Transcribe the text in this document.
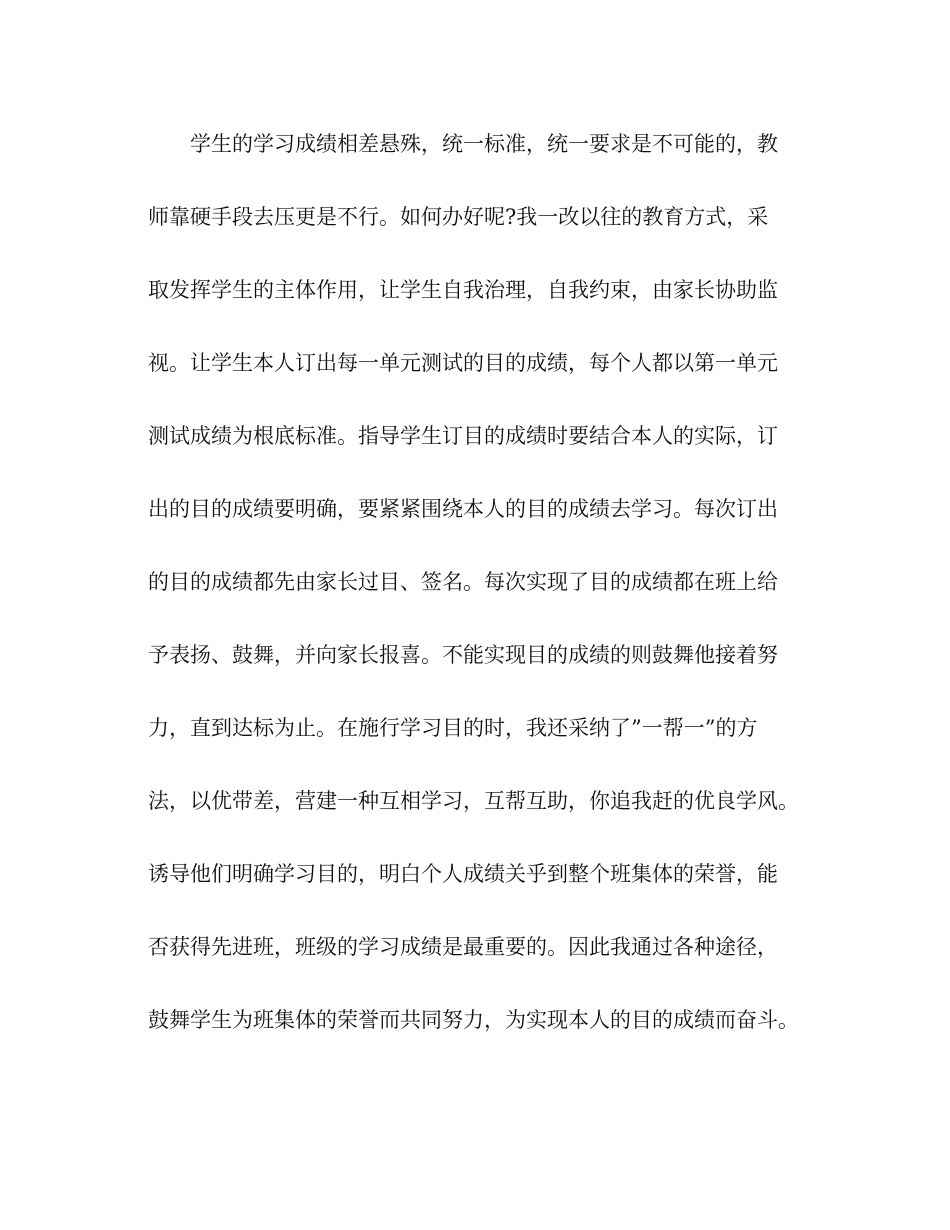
学生的学习成绩相差悬殊，统一标准，统一要求是不可能的，教
师靠硬手段去压更是不行。如何办好呢?我一改以往的教育方式，采
取发挥学生的主体作用，让学生自我治理，自我约束，由家长协助监
视。让学生本人订出每一单元测试的目的成绩，每个人都以第一单元
测试成绩为根底标准。指导学生订目的成绩时要结合本人的实际，订
出的目的成绩要明确，要紧紧围绕本人的目的成绩去学习。每次订出
的目的成绩都先由家长过目、签名。每次实现了目的成绩都在班上给
予表扬、鼓舞，并向家长报喜。不能实现目的成绩的则鼓舞他接着努
力，直到达标为止。在施行学习目的时，我还采纳了”一帮一”的方
法，以优带差，营建一种互相学习，互帮互助，你追我赶的优良学风。
诱导他们明确学习目的，明白个人成绩关乎到整个班集体的荣誉，能
否获得先进班，班级的学习成绩是最重要的。因此我通过各种途径，
鼓舞学生为班集体的荣誉而共同努力，为实现本人的目的成绩而奋斗。
